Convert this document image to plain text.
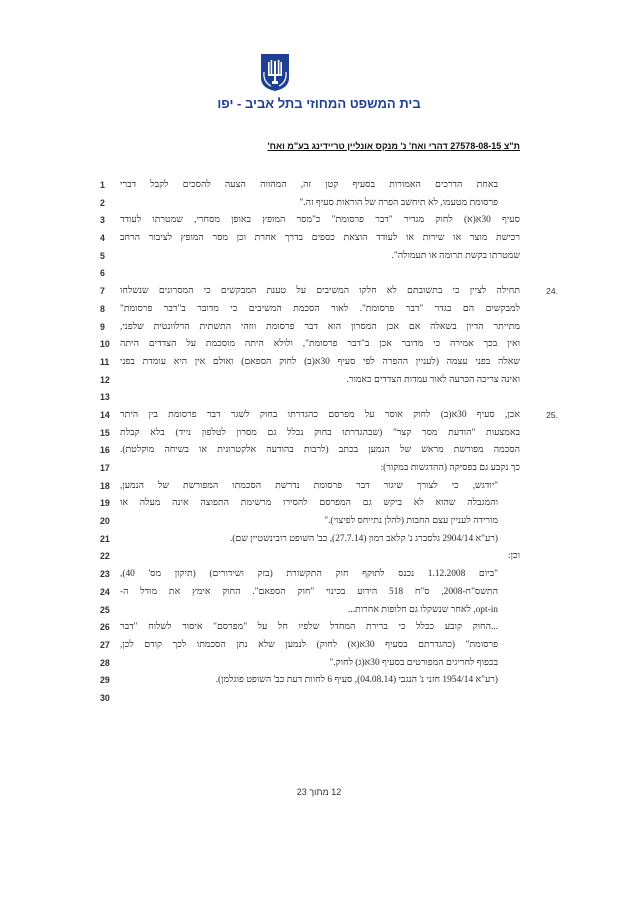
בית המשפט המחוזי בתל אביב - יפו
ת"צ 27578-08-15 דהרי ואח' נ' מנקס אונליין טריידינג בע"מ ואח'
1	באחת הדרכים האמורות בסעיף קטן זה, המהווה הצעה להסכים לקבל דברי
2	פרסומת מטעמו, לא תיחשב הפרה של הוראות סעיף זה."
3	סעיף 30א(א) לחוק מגדיר "דבר פרסומת" כ"מסר המופץ באופן מסחרי, שמטרתו לעודד
4	רכישת מוצר או שירות או לעודד הוצאת כספים בדרך אחרת וכן מסר המופץ לציבור הרחב
5	שמטרתו בקשת תרומה או תעמולה".
6
7	24.
תחילה לציין כי בתשובתם לא חלקו המשיבים על טענת המבקשים כי המסרונים שנשלחו
8	למבקשים הם בגדר "דבר פרסומת". לאור הסכמת המשיבים כי מדובר ב"דבר פרסומת"
9	מתייתר הדיון בשאלה אם אכן המסרון הוא דבר פרסומת ווזהי התשתית הרלוונטית שלפני,
10	ואין בכך אמירה כי מדובר אכן ב"דבר פרסומת", ולולא היתה מוסכמת על הצדדים היתה
11	שאלה בפני עצמה (לעניין ההפרה לפי סעיף 30א(ב) לחוק הספאם) ואולם אין היא עומדת בפני
12	ואינה צריכה הכרעה לאור עמדות הצדדים כאמור.
13
14	25.
אכן, סעיף 30א(ב) לחוק אוסר על מפרסם כהגדרתו בחוק לשגר דבר פרסומת בין היתר
15	באמצעות "הודעת מסר קצר" (שבהגדרתו בחוק נכלל גם מסרון לטלפון נייד) בלא קבלת
16	הסכמה מפורשת מראש של הנמען בכתב (לרבות בהודעה אלקטרונית או בשיחה מוקלטת).
17	כך נקבע גם בפסיקה (ההדגשות במקור):
18	"יודגש, כי לצורך שיגור דבר פרסומת נדרשת הסכמתו המפורשת של הנמען,
19	והמגבלה שהוא לא ביקש גם המפרסם להסירו מרשימת התפוצה אינה מעלה או
20	מורידה לעניין עצם החבות (להלן נתייחס לפיצוי)."
21	(רע"א 2904/14 גלסברג נ' קלאב רמון (27.7.14), כב' השופט רובינשטיין שם).
22	וכן:
23	"ביום 1.12.2008 נכנס לתוקף חוק התקשורת (בזק ושידורים) (תיקון מס' 40),
24	התשס"ח-2008, ס"ח 518 הידוע בכינוי "חוק הספאם". החוק אימץ את מודל ה-
25	opt-in, לאחר שנשקלו גם חלופות אחרות...
26	...החוק קובע ככלל כי ברירת המחדל שלפיו חל על "מפרסם" איסור לשלוח "דבר
27	פרסומת" (כהגדרתם בסעיף 30א(א) לחוק) לנמען שלא נתן הסכמתו לכך קודם לכן,
28	בכפוף לחריגים המפורטים בסעיף 30א(ג) לחוק."
29	(רע"א 1954/14 חזני נ' הנגבי (04.08.14), סעיף 6 לחוות דעת כב' השופט פוגלמן).
30
12 מתוך 23
